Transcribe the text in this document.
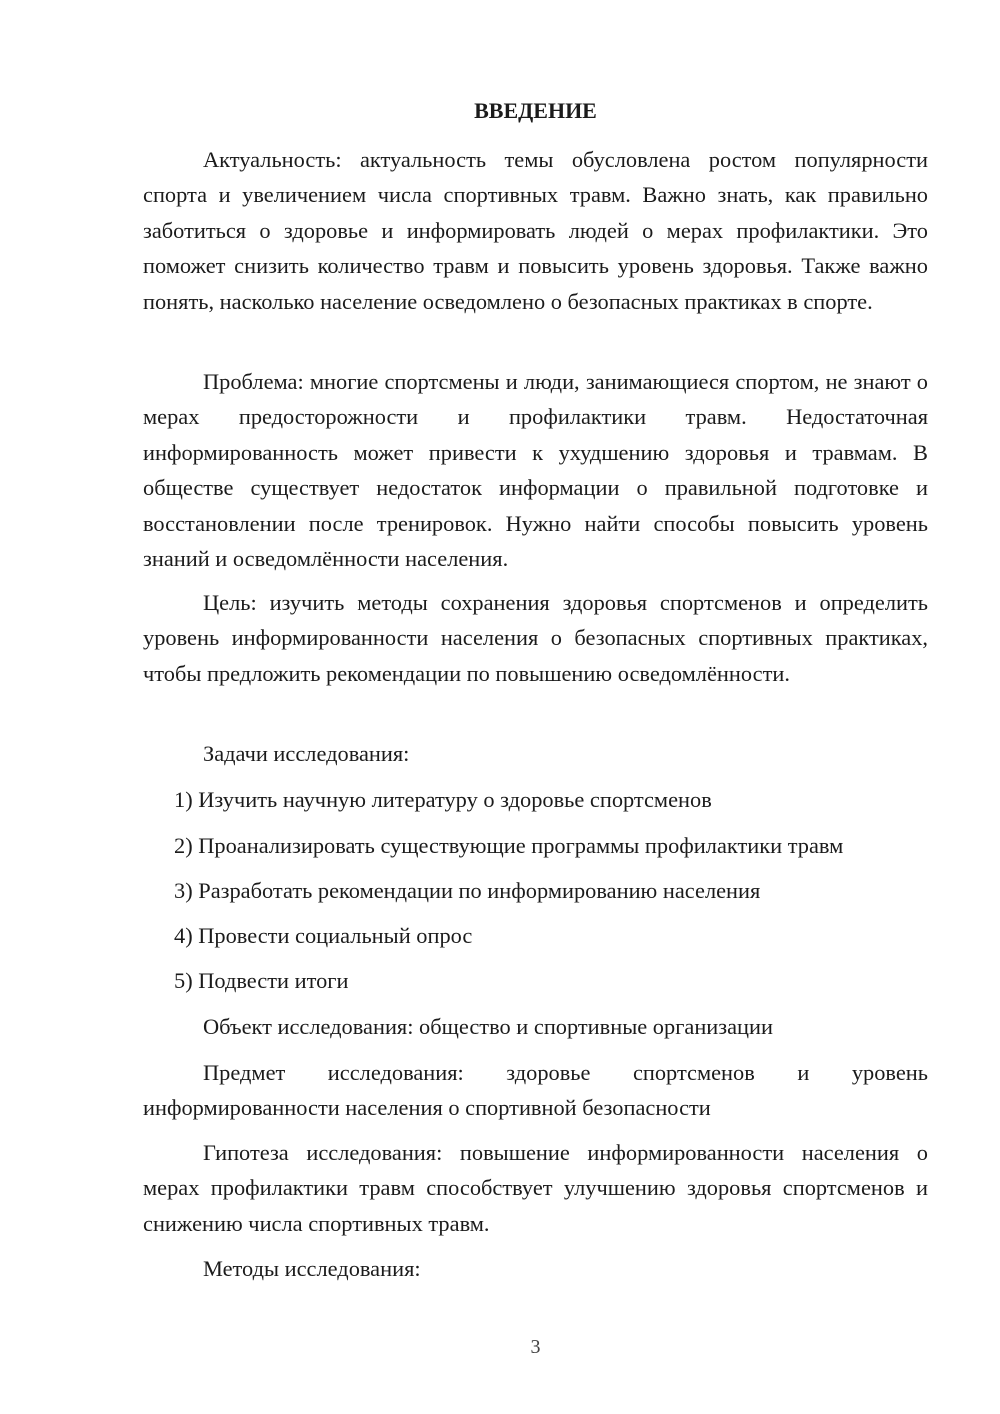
ВВЕДЕНИЕ

Актуальность: актуальность темы обусловлена ростом популярности спорта и увеличением числа спортивных травм. Важно знать, как правильно заботиться о здоровье и информировать людей о мерах профилактики. Это поможет снизить количество травм и повысить уровень здоровья. Также важно понять, насколько население осведомлено о безопасных практиках в спорте.

Проблема: многие спортсмены и люди, занимающиеся спортом, не знают о мерах предосторожности и профилактики травм. Недостаточная информированность может привести к ухудшению здоровья и травмам. В обществе существует недостаток информации о правильной подготовке и восстановлении после тренировок. Нужно найти способы повысить уровень знаний и осведомлённости населения.

Цель: изучить методы сохранения здоровья спортсменов и определить уровень информированности населения о безопасных спортивных практиках, чтобы предложить рекомендации по повышению осведомлённости.

Задачи исследования:

1) Изучить научную литературу о здоровье спортсменов

2) Проанализировать существующие программы профилактики травм

3) Разработать рекомендации по информированию населения

4) Провести социальный опрос

5) Подвести итоги

Объект исследования: общество и спортивные организации

Предмет исследования: здоровье спортсменов и уровень информированности населения о спортивной безопасности

Гипотеза исследования: повышение информированности населения о мерах профилактики травм способствует улучшению здоровья спортсменов и снижению числа спортивных травм.

Методы исследования:

3
